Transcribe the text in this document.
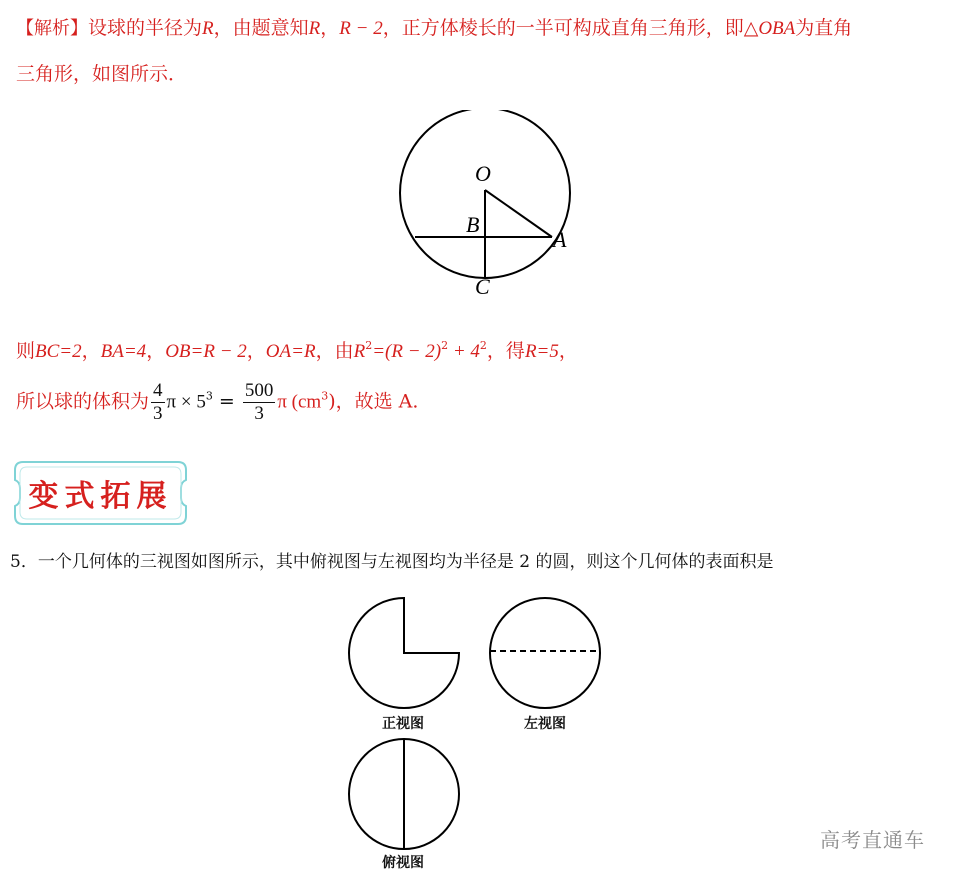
【解析】设球的半径为R，由题意知R，R − 2，正方体棱长的一半可构成直角三角形，即△OBA为直角
三角形，如图所示．
O
B
A
C
则BC=2，BA=4，OB=R − 2，OA=R，由$R^2=(R - 2)^2 + 4^2$，得R=5，
所以球的体积为 $\frac{4}{3}$ $\pi \times 5^3 = \frac{500}{3}$ π $(cm^3)$，故选 A.
变式拓展
5．一个几何体的三视图如图所示，其中俯视图与左视图均为半径是 2 的圆，则这个几何体的表面积是
正视图	左视图
俯视图
高考直通车
